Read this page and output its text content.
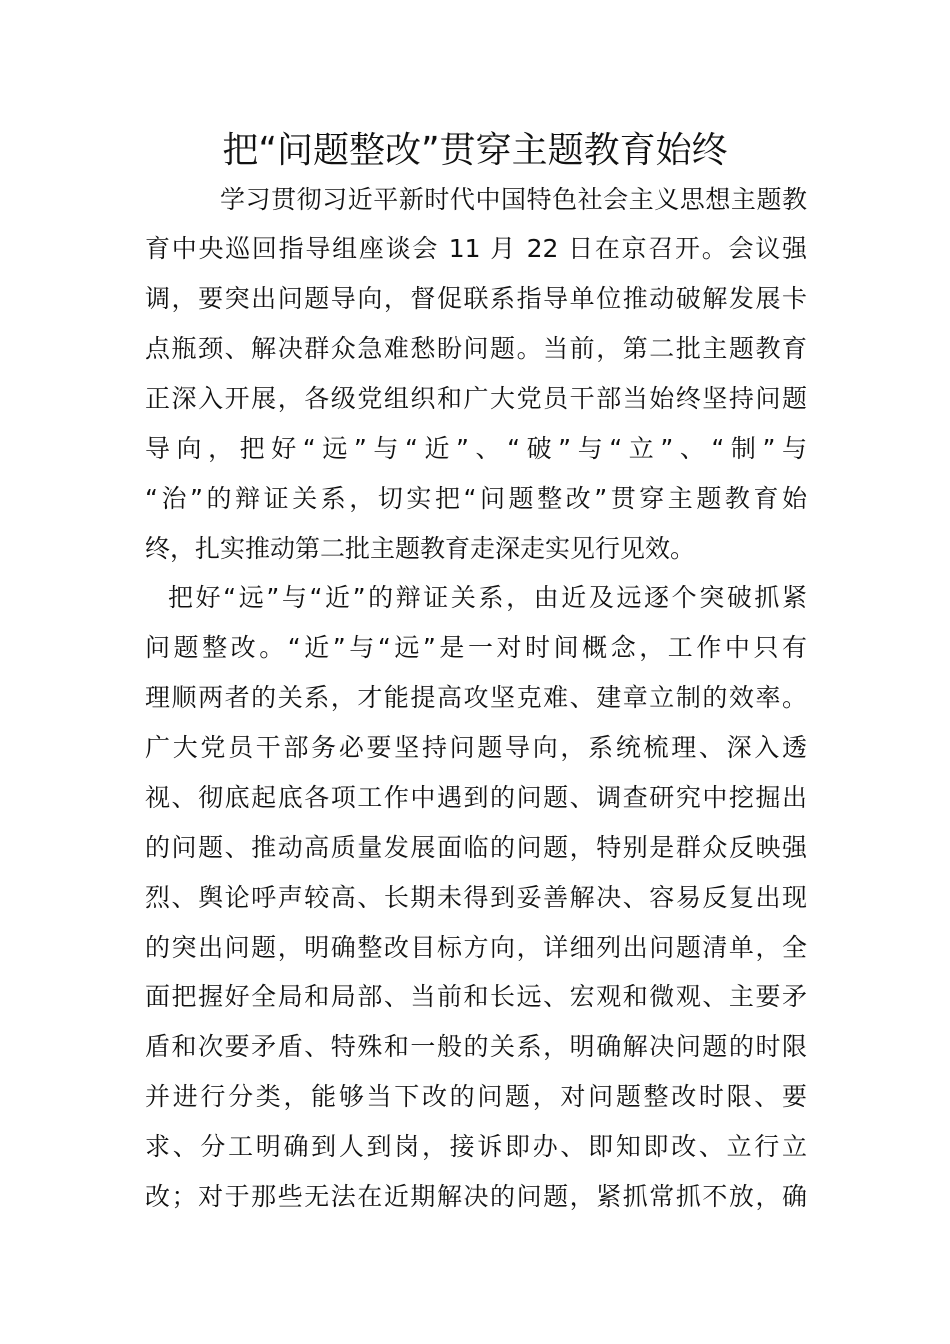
把“问题整改”贯穿主题教育始终

学习贯彻习近平新时代中国特色社会主义思想主题教

育中央巡回指导组座谈会 11 月 22 日在京召开。会议强

调，要突出问题导向，督促联系指导单位推动破解发展卡

点瓶颈、解决群众急难愁盼问题。当前，第二批主题教育

正深入开展，各级党组织和广大党员干部当始终坚持问题

导向，把好“远”与“近”、“破”与“立”、“制”与

“治”的辩证关系，切实把“问题整改”贯穿主题教育始

终，扎实推动第二批主题教育走深走实见行见效。

把好“远”与“近”的辩证关系，由近及远逐个突破抓紧

问题整改。“近”与“远”是一对时间概念，工作中只有

理顺两者的关系，才能提高攻坚克难、建章立制的效率。

广大党员干部务必要坚持问题导向，系统梳理、深入透

视、彻底起底各项工作中遇到的问题、调查研究中挖掘出

的问题、推动高质量发展面临的问题，特别是群众反映强

烈、舆论呼声较高、长期未得到妥善解决、容易反复出现

的突出问题，明确整改目标方向，详细列出问题清单，全

面把握好全局和局部、当前和长远、宏观和微观、主要矛

盾和次要矛盾、特殊和一般的关系，明确解决问题的时限

并进行分类，能够当下改的问题，对问题整改时限、要

求、分工明确到人到岗，接诉即办、即知即改、立行立

改；对于那些无法在近期解决的问题，紧抓常抓不放，确
